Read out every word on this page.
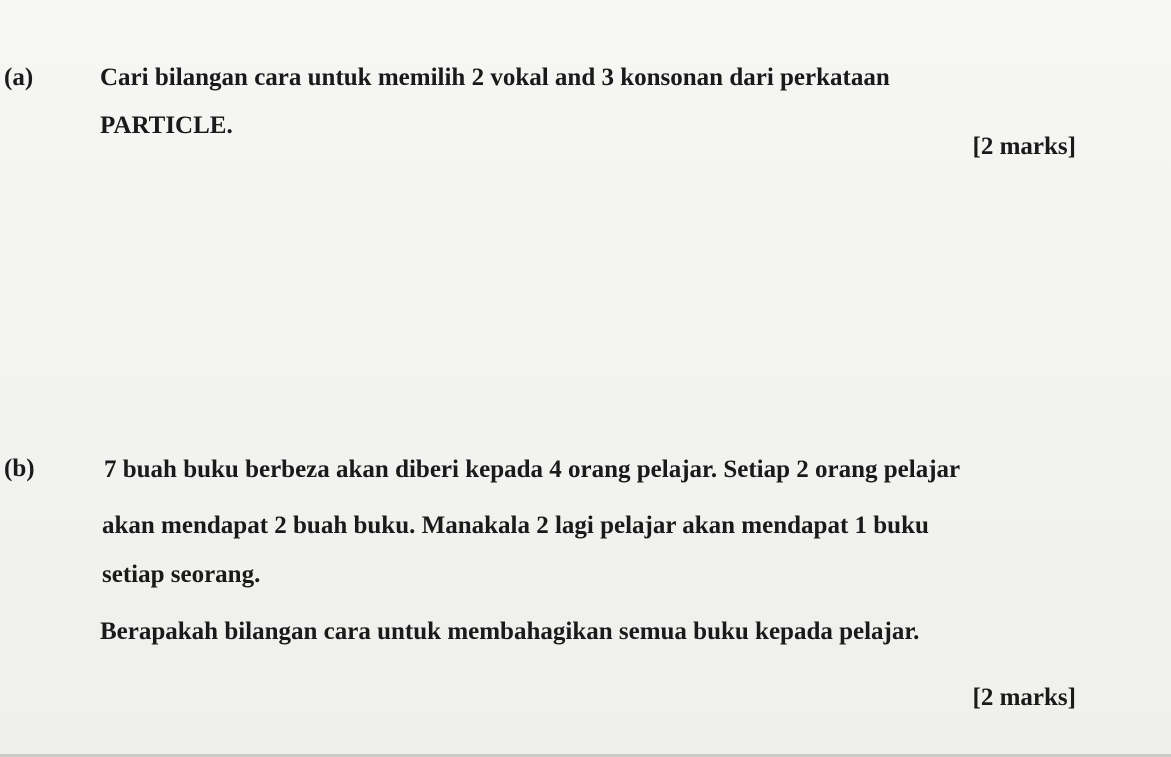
(a)	Cari bilangan cara untuk memilih 2 vokal and 3 konsonan dari perkataan
PARTICLE.
[2 marks]
(b)	7 buah buku berbeza akan diberi kepada 4 orang pelajar. Setiap 2 orang pelajar
akan mendapat 2 buah buku. Manakala 2 lagi pelajar akan mendapat 1 buku
setiap seorang.
Berapakah bilangan cara untuk membahagikan semua buku kepada pelajar.
[2 marks]
